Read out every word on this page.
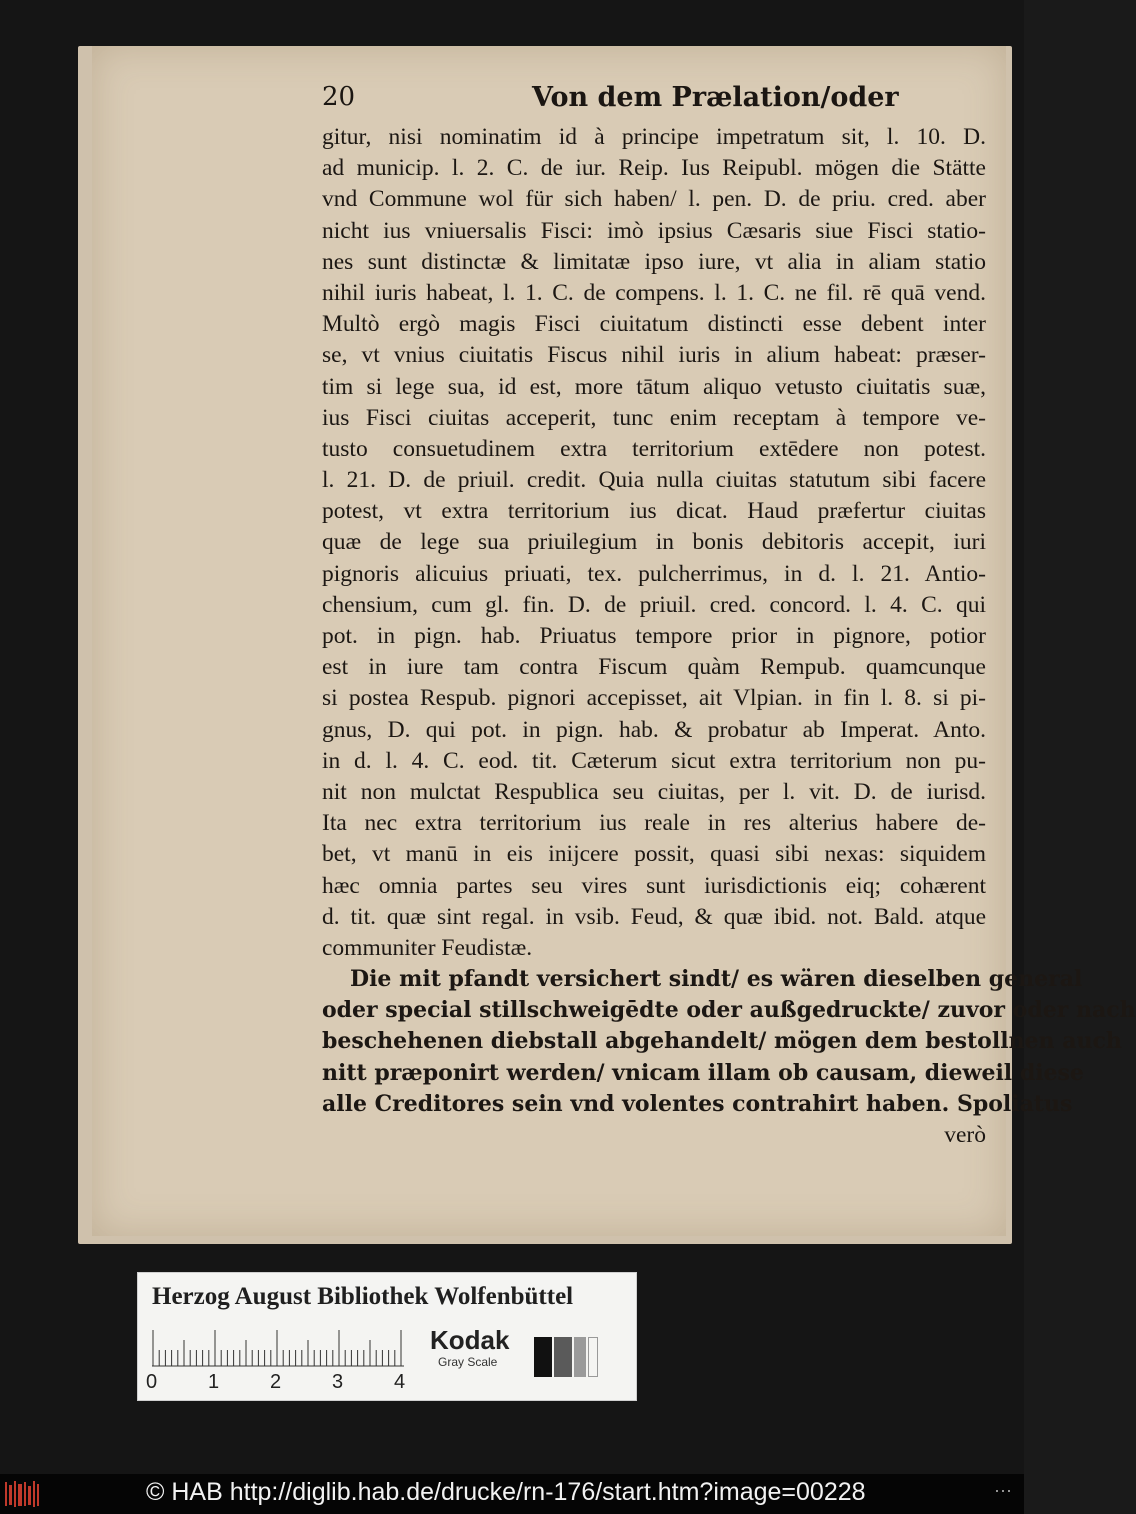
20	Von dem Prælation/oder
gitur, nisi nominatim id à principe impetratum sit, l. 10. D.
ad municip. l. 2. C. de iur. Reip. Ius Reipubl. mögen die Stätte
vnd Commune wol für sich haben/ l. pen. D. de priu. cred. aber
nicht ius vniuersalis Fisci: imò ipsius Cæsaris siue Fisci statio-
nes sunt distinctæ & limitatæ ipso iure, vt alia in aliam statio
nihil iuris habeat, l. 1. C. de compens. l. 1. C. ne fil. rē quā vend.
Multò ergò magis Fisci ciuitatum distincti esse debent inter
se, vt vnius ciuitatis Fiscus nihil iuris in alium habeat: præser-
tim si lege sua, id est, more tātum aliquo vetusto ciuitatis suæ,
ius Fisci ciuitas acceperit, tunc enim receptam à tempore ve-
tusto consuetudinem extra territorium extēdere non potest.
l. 21. D. de priuil. credit. Quia nulla ciuitas statutum sibi facere
potest, vt extra territorium ius dicat. Haud præfertur ciuitas
quæ de lege sua priuilegium in bonis debitoris accepit, iuri
pignoris alicuius priuati, tex. pulcherrimus, in d. l. 21. Antio-
chensium, cum gl. fin. D. de priuil. cred. concord. l. 4. C. qui
pot. in pign. hab. Priuatus tempore prior in pignore, potior
est in iure tam contra Fiscum quàm Rempub. quamcunque
si postea Respub. pignori accepisset, ait Vlpian. in fin l. 8. si pi-
gnus, D. qui pot. in pign. hab. & probatur ab Imperat. Anto.
in d. l. 4. C. eod. tit. Cæterum sicut extra territorium non pu-
nit non mulctat Respublica seu ciuitas, per l. vit. D. de iurisd.
Ita nec extra territorium ius reale in res alterius habere de-
bet, vt manū in eis inijcere possit, quasi sibi nexas: siquidem
hæc omnia partes seu vires sunt iurisdictionis eiq; cohærent
d. tit. quæ sint regal. in vsib. Feud, & quæ ibid. not. Bald. atque
communiter Feudistæ.
Die mit pfandt versichert sindt/ es wären dieselben general
oder special stillschweigēdte oder außgedruckte/ zuvor oder nach
beschehenen diebstall abgehandelt/ mögen dem bestollnen auch
nitt præponirt werden/ vnicam illam ob causam, dieweil diese
alle Creditores sein vnd volentes contrahirt haben. Spoliatus
verò
Herzog August Bibliothek Wolfenbüttel
0	1	2	3	4
Kodak
Gray Scale
© HAB http://diglib.hab.de/drucke/rn-176/start.htm?image=00228	···
